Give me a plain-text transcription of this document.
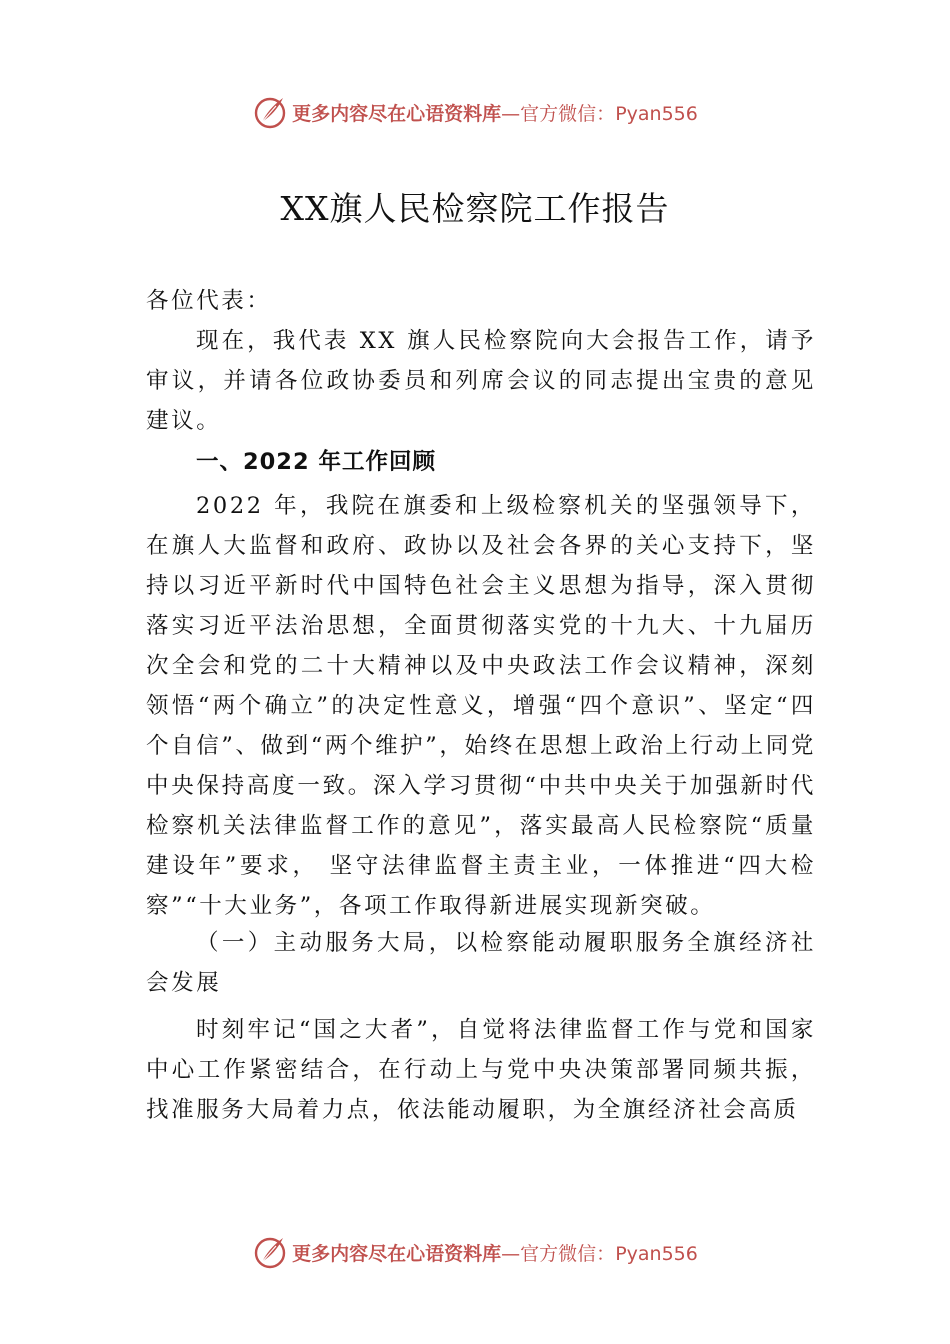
更多内容尽在心语资料库—官方微信：Pyan556
XX旗人民检察院工作报告

各位代表：

现在，我代表 XX 旗人民检察院向大会报告工作，请予审议，并请各位政协委员和列席会议的同志提出宝贵的意见建议。

一、2022 年工作回顾

2022 年，我院在旗委和上级检察机关的坚强领导下，在旗人大监督和政府、政协以及社会各界的关心支持下，坚持以习近平新时代中国特色社会主义思想为指导，深入贯彻落实习近平法治思想，全面贯彻落实党的十九大、十九届历次全会和党的二十大精神以及中央政法工作会议精神，深刻领悟“两个确立”的决定性意义，增强“四个意识”、坚定“四个自信”、做到“两个维护”，始终在思想上政治上行动上同党中央保持高度一致。深入学习贯彻“中共中央关于加强新时代检察机关法律监督工作的意见”，落实最高人民检察院“质量建设年”要求， 坚守法律监督主责主业，一体推进“四大检察”“十大业务”，各项工作取得新进展实现新突破。

（一）主动服务大局，以检察能动履职服务全旗经济社会发展

时刻牢记“国之大者”，自觉将法律监督工作与党和国家中心工作紧密结合，在行动上与党中央决策部署同频共振， 找准服务大局着力点，依法能动履职，为全旗经济社会高质

更多内容尽在心语资料库—官方微信：Pyan556
